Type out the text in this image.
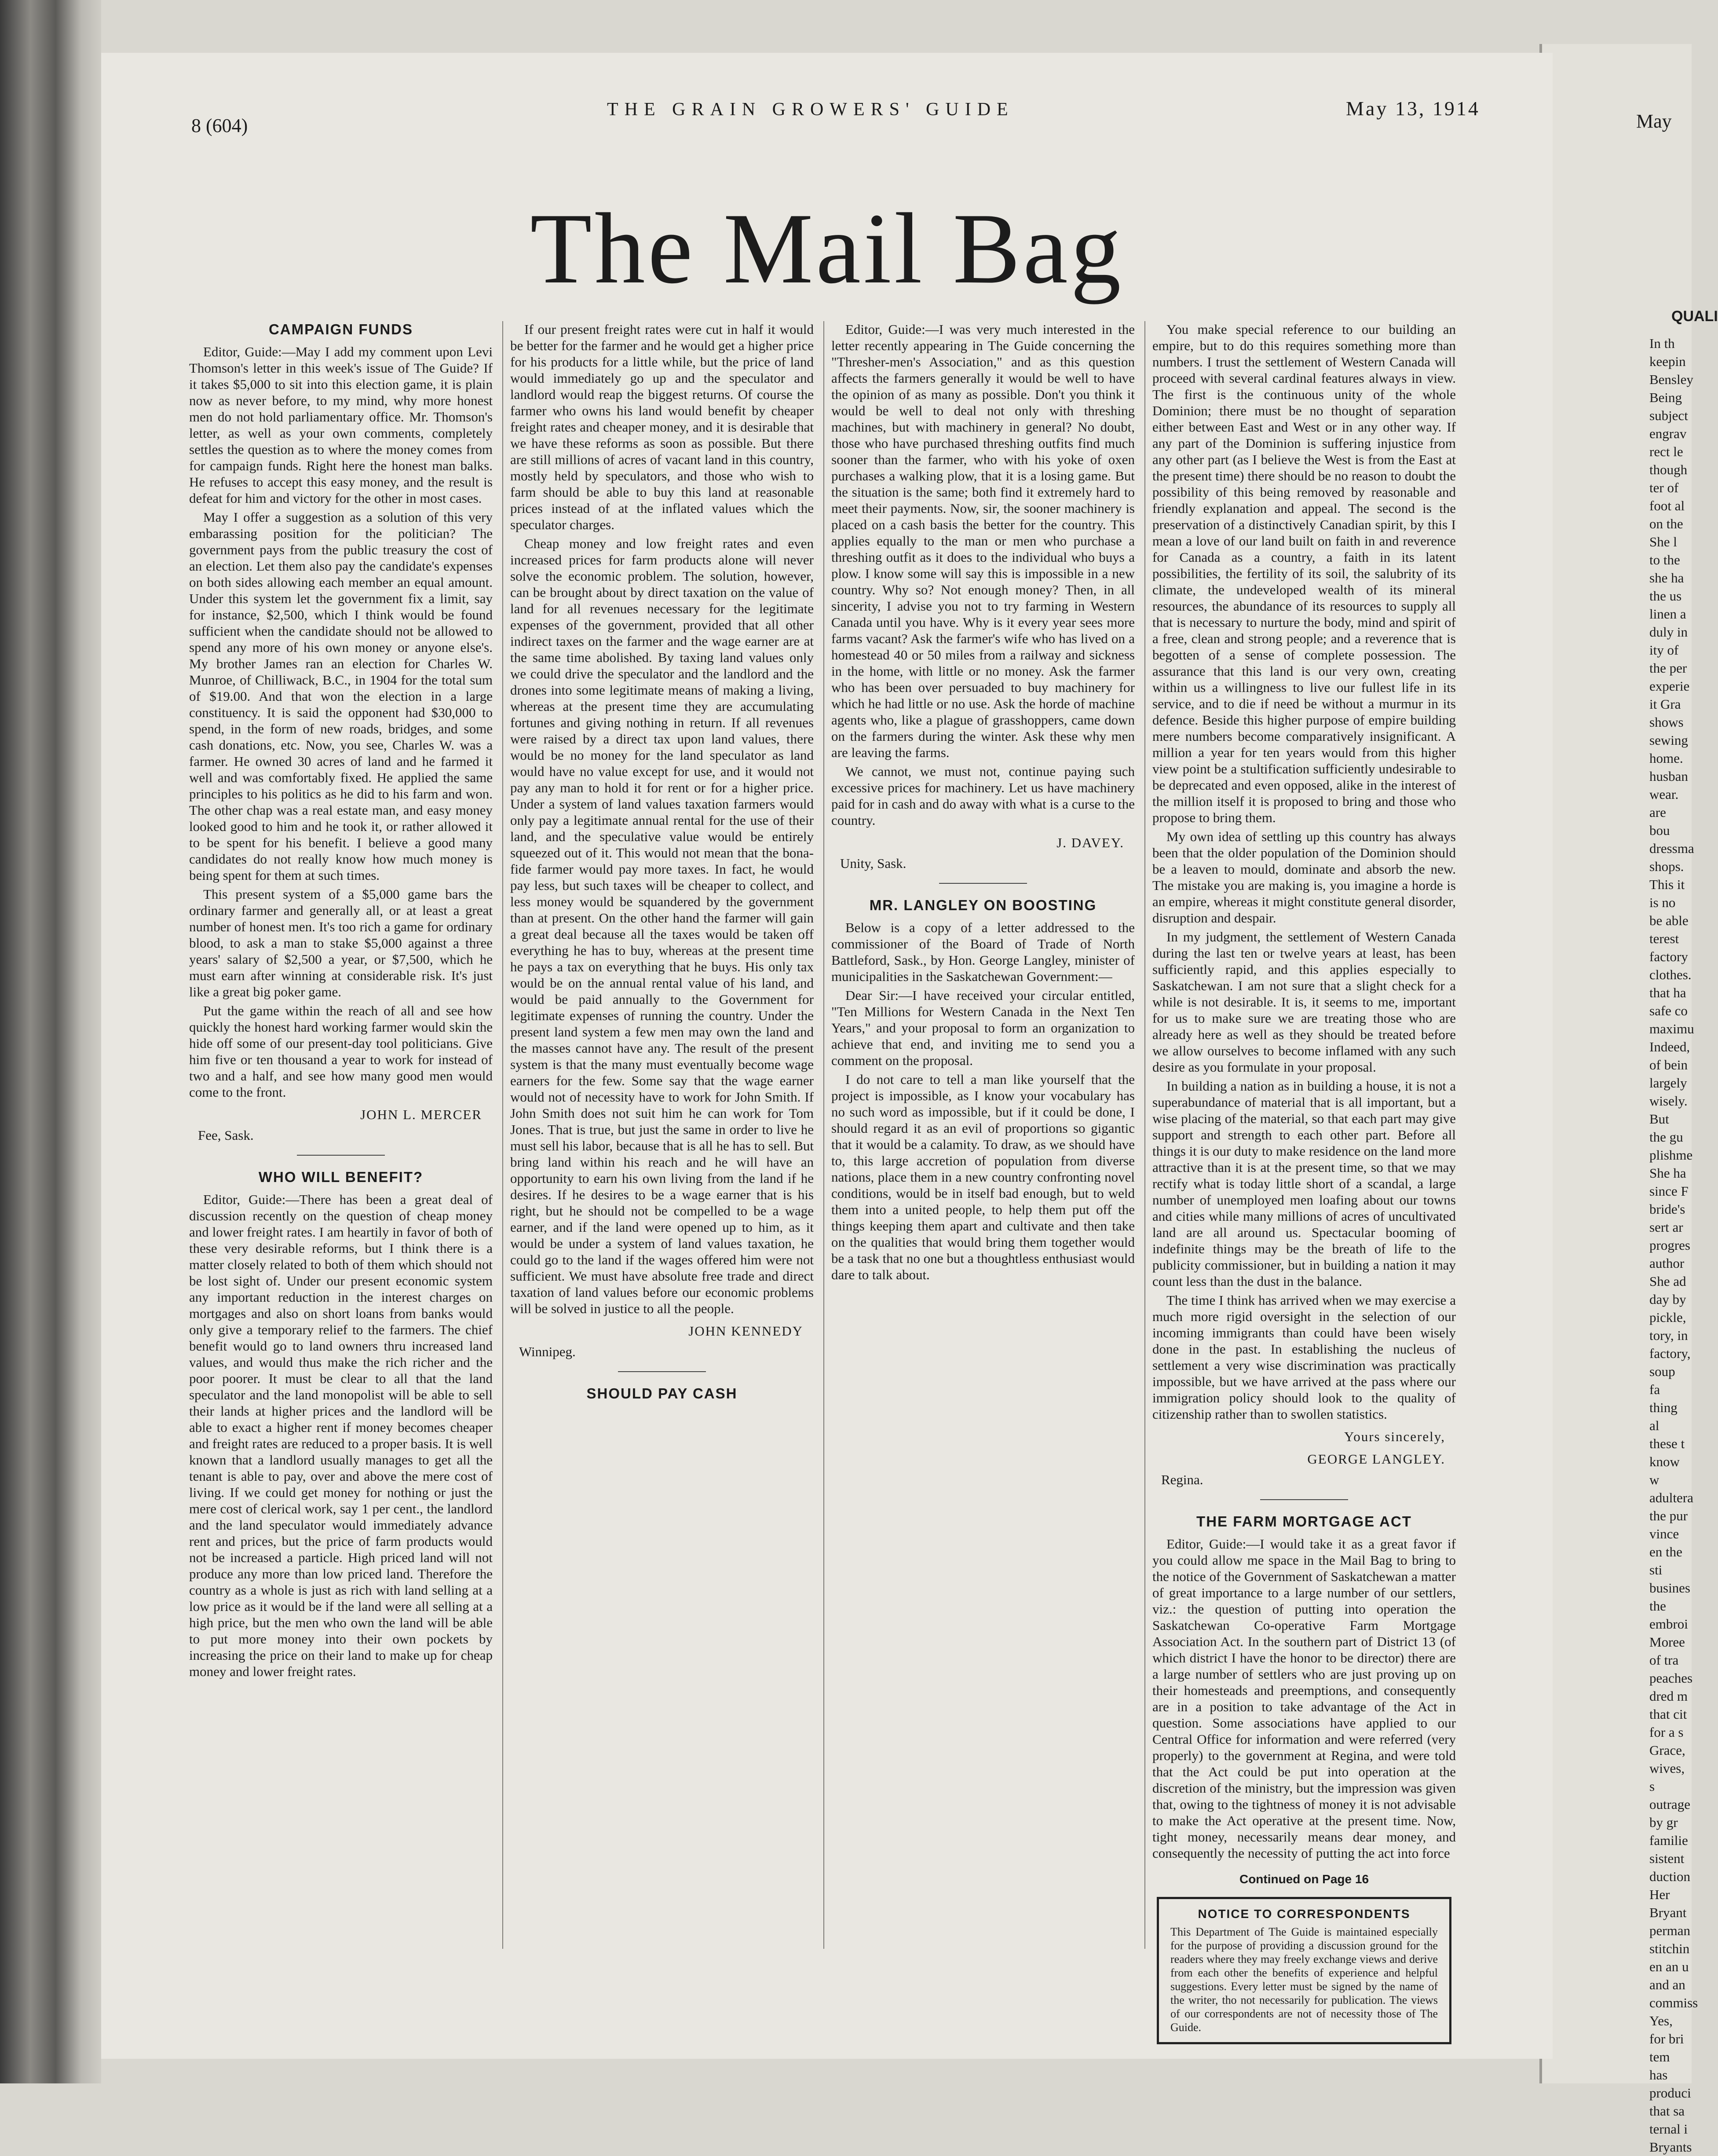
May
QUALI
In th keepin Bensley Being subject engrav rect le though ter of foot al on the She l to the she ha the us linen a duly in ity of the per experie it Gra shows sewing home. husban wear. are bou dressma shops. This it is no be able terest factory clothes. that ha safe co maximu Indeed, of bein largely wisely. But the gu plishme She ha since F bride's sert ar progres author She ad day by pickle, tory, in factory, soup fa thing al these t know w adultera the pur vince en the sti busines the embroi Moree of tra peaches dred m that cit for a s Grace, wives, s outrage by gr familie sistent duction Her Bryant perman stitchin en an u and an commiss Yes, for bri tem has produci that sa ternal i Bryants
8 (604)
THE GRAIN GROWERS' GUIDE	May 13, 1914
The Mail Bag
CAMPAIGN FUNDS

Editor, Guide:—May I add my comment upon Levi Thomson's letter in this week's issue of The Guide? If it takes $5,000 to sit into this election game, it is plain now as never before, to my mind, why more honest men do not hold parliamentary office. Mr. Thomson's letter, as well as your own comments, completely settles the question as to where the money comes from for campaign funds. Right here the honest man balks. He refuses to accept this easy money, and the result is defeat for him and victory for the other in most cases.

May I offer a suggestion as a solution of this very embarassing position for the politician? The government pays from the public treasury the cost of an election. Let them also pay the candidate's expenses on both sides allowing each member an equal amount. Under this system let the government fix a limit, say for instance, $2,500, which I think would be found sufficient when the candidate should not be allowed to spend any more of his own money or anyone else's. My brother James ran an election for Charles W. Munroe, of Chilliwack, B.C., in 1904 for the total sum of $19.00. And that won the election in a large constituency. It is said the opponent had $30,000 to spend, in the form of new roads, bridges, and some cash donations, etc. Now, you see, Charles W. was a farmer. He owned 30 acres of land and he farmed it well and was comfortably fixed. He applied the same principles to his politics as he did to his farm and won. The other chap was a real estate man, and easy money looked good to him and he took it, or rather allowed it to be spent for his benefit. I believe a good many candidates do not really know how much money is being spent for them at such times.

This present system of a $5,000 game bars the ordinary farmer and generally all, or at least a great number of honest men. It's too rich a game for ordinary blood, to ask a man to stake $5,000 against a three years' salary of $2,500 a year, or $7,500, which he must earn after winning at considerable risk. It's just like a great big poker game.

Put the game within the reach of all and see how quickly the honest hard working farmer would skin the hide off some of our present-day tool politicians. Give him five or ten thousand a year to work for instead of two and a half, and see how many good men would come to the front.

JOHN L. MERCER

Fee, Sask.

WHO WILL BENEFIT?

Editor, Guide:—There has been a great deal of discussion recently on the question of cheap money and lower freight rates. I am heartily in favor of both of these very desirable reforms, but I think there is a matter closely related to both of them which should not be lost sight of. Under our present economic system any important reduction in the interest charges on mortgages and also on short loans from banks would only give a temporary relief to the farmers. The chief benefit would go to land owners thru increased land values, and would thus make the rich richer and the poor poorer. It must be clear to all that the land speculator and the land monopolist will be able to sell their lands at higher prices and the landlord will be able to exact a higher rent if money becomes cheaper and freight rates are reduced to a proper basis. It is well known that a landlord usually manages to get all the tenant is able to pay, over and above the mere cost of living. If we could get money for nothing or just the mere cost of clerical work, say 1 per cent., the landlord and the land speculator would immediately advance rent and prices, but the price of farm products would not be increased a particle. High priced land will not produce any more than low priced land. Therefore the country as a whole is just as rich with land selling at a low price as it would be if the land were all selling at a high price, but the men who own the land will be able to put more money into their own pockets by increasing the price on their land to make up for cheap money and lower freight rates.

If our present freight rates were cut in half it would be better for the farmer and he would get a higher price for his products for a little while, but the price of land would immediately go up and the speculator and landlord would reap the biggest returns. Of course the farmer who owns his land would benefit by cheaper freight rates and cheaper money, and it is desirable that we have these reforms as soon as possible. But there are still millions of acres of vacant land in this country, mostly held by speculators, and those who wish to farm should be able to buy this land at reasonable prices instead of at the inflated values which the speculator charges.

Cheap money and low freight rates and even increased prices for farm products alone will never solve the economic problem. The solution, however, can be brought about by direct taxation on the value of land for all revenues necessary for the legitimate expenses of the government, provided that all other indirect taxes on the farmer and the wage earner are at the same time abolished. By taxing land values only we could drive the speculator and the landlord and the drones into some legitimate means of making a living, whereas at the present time they are accumulating fortunes and giving nothing in return. If all revenues were raised by a direct tax upon land values, there would be no money for the land speculator as land would have no value except for use, and it would not pay any man to hold it for rent or for a higher price. Under a system of land values taxation farmers would only pay a legitimate annual rental for the use of their land, and the speculative value would be entirely squeezed out of it. This would not mean that the bona-fide farmer would pay more taxes. In fact, he would pay less, but such taxes will be cheaper to collect, and less money would be squandered by the government than at present. On the other hand the farmer will gain a great deal because all the taxes would be taken off everything he has to buy, whereas at the present time he pays a tax on everything that he buys. His only tax would be on the annual rental value of his land, and would be paid annually to the Government for legitimate expenses of running the country. Under the present land system a few men may own the land and the masses cannot have any. The result of the present system is that the many must eventually become wage earners for the few. Some say that the wage earner would not of necessity have to work for John Smith. If John Smith does not suit him he can work for Tom Jones. That is true, but just the same in order to live he must sell his labor, because that is all he has to sell. But bring land within his reach and he will have an opportunity to earn his own living from the land if he desires. If he desires to be a wage earner that is his right, but he should not be compelled to be a wage earner, and if the land were opened up to him, as it would be under a system of land values taxation, he could go to the land if the wages offered him were not sufficient. We must have absolute free trade and direct taxation of land values before our economic problems will be solved in justice to all the people.

JOHN KENNEDY

Winnipeg.

SHOULD PAY CASH

Editor, Guide:—I was very much interested in the letter recently appearing in The Guide concerning the "Thresher-men's Association," and as this question affects the farmers generally it would be well to have the opinion of as many as possible. Don't you think it would be well to deal not only with threshing machines, but with machinery in general? No doubt, those who have purchased threshing outfits find much sooner than the farmer, who with his yoke of oxen purchases a walking plow, that it is a losing game. But the situation is the same; both find it extremely hard to meet their payments. Now, sir, the sooner machinery is placed on a cash basis the better for the country. This applies equally to the man or men who purchase a threshing outfit as it does to the individual who buys a plow. I know some will say this is impossible in a new country. Why so? Not enough money? Then, in all sincerity, I advise you not to try farming in Western Canada until you have. Why is it every year sees more farms vacant? Ask the farmer's wife who has lived on a homestead 40 or 50 miles from a railway and sickness in the home, with little or no money. Ask the farmer who has been over persuaded to buy machinery for which he had little or no use. Ask the horde of machine agents who, like a plague of grasshoppers, came down on the farmers during the winter. Ask these why men are leaving the farms.

We cannot, we must not, continue paying such excessive prices for machinery. Let us have machinery paid for in cash and do away with what is a curse to the country.

J. DAVEY.

Unity, Sask.

MR. LANGLEY ON BOOSTING

Below is a copy of a letter addressed to the commissioner of the Board of Trade of North Battleford, Sask., by Hon. George Langley, minister of municipalities in the Saskatchewan Government:—

Dear Sir:—I have received your circular entitled, "Ten Millions for Western Canada in the Next Ten Years," and your proposal to form an organization to achieve that end, and inviting me to send you a comment on the proposal.

I do not care to tell a man like yourself that the project is impossible, as I know your vocabulary has no such word as impossible, but if it could be done, I should regard it as an evil of proportions so gigantic that it would be a calamity. To draw, as we should have to, this large accretion of population from diverse nations, place them in a new country confronting novel conditions, would be in itself bad enough, but to weld them into a united people, to help them put off the things keeping them apart and cultivate and then take on the qualities that would bring them together would be a task that no one but a thoughtless enthusiast would dare to talk about.

You make special reference to our building an empire, but to do this requires something more than numbers. I trust the settlement of Western Canada will proceed with several cardinal features always in view. The first is the continuous unity of the whole Dominion; there must be no thought of separation either between East and West or in any other way. If any part of the Dominion is suffering injustice from any other part (as I believe the West is from the East at the present time) there should be no reason to doubt the possibility of this being removed by reasonable and friendly explanation and appeal. The second is the preservation of a distinctively Canadian spirit, by this I mean a love of our land built on faith in and reverence for Canada as a country, a faith in its latent possibilities, the fertility of its soil, the salubrity of its climate, the undeveloped wealth of its mineral resources, the abundance of its resources to supply all that is necessary to nurture the body, mind and spirit of a free, clean and strong people; and a reverence that is begotten of a sense of complete possession. The assurance that this land is our very own, creating within us a willingness to live our fullest life in its service, and to die if need be without a murmur in its defence. Beside this higher purpose of empire building mere numbers become comparatively insignificant. A million a year for ten years would from this higher view point be a stultification sufficiently undesirable to be deprecated and even opposed, alike in the interest of the million itself it is proposed to bring and those who propose to bring them.

My own idea of settling up this country has always been that the older population of the Dominion should be a leaven to mould, dominate and absorb the new. The mistake you are making is, you imagine a horde is an empire, whereas it might constitute general disorder, disruption and despair.

In my judgment, the settlement of Western Canada during the last ten or twelve years at least, has been sufficiently rapid, and this applies especially to Saskatchewan. I am not sure that a slight check for a while is not desirable. It is, it seems to me, important for us to make sure we are treating those who are already here as well as they should be treated before we allow ourselves to become inflamed with any such desire as you formulate in your proposal.

In building a nation as in building a house, it is not a superabundance of material that is all important, but a wise placing of the material, so that each part may give support and strength to each other part. Before all things it is our duty to make residence on the land more attractive than it is at the present time, so that we may rectify what is today little short of a scandal, a large number of unemployed men loafing about our towns and cities while many millions of acres of uncultivated land are all around us. Spectacular booming of indefinite things may be the breath of life to the publicity commissioner, but in building a nation it may count less than the dust in the balance.

The time I think has arrived when we may exercise a much more rigid oversight in the selection of our incoming immigrants than could have been wisely done in the past. In establishing the nucleus of settlement a very wise discrimination was practically impossible, but we have arrived at the pass where our immigration policy should look to the quality of citizenship rather than to swollen statistics.

Yours sincerely,

GEORGE LANGLEY.

Regina.

THE FARM MORTGAGE ACT

Editor, Guide:—I would take it as a great favor if you could allow me space in the Mail Bag to bring to the notice of the Government of Saskatchewan a matter of great importance to a large number of our settlers, viz.: the question of putting into operation the Saskatchewan Co-operative Farm Mortgage Association Act. In the southern part of District 13 (of which district I have the honor to be director) there are a large number of settlers who are just proving up on their homesteads and preemptions, and consequently are in a position to take advantage of the Act in question. Some associations have applied to our Central Office for information and were referred (very properly) to the government at Regina, and were told that the Act could be put into operation at the discretion of the ministry, but the impression was given that, owing to the tightness of money it is not advisable to make the Act operative at the present time. Now, tight money, necessarily means dear money, and consequently the necessity of putting the act into force

Continued on Page 16
NOTICE TO CORRESPONDENTS
This Department of The Guide is maintained especially for the purpose of providing a discussion ground for the readers where they may freely exchange views and derive from each other the benefits of experience and helpful suggestions. Every letter must be signed by the name of the writer, tho not necessarily for publication. The views of our correspondents are not of necessity those of The Guide.
